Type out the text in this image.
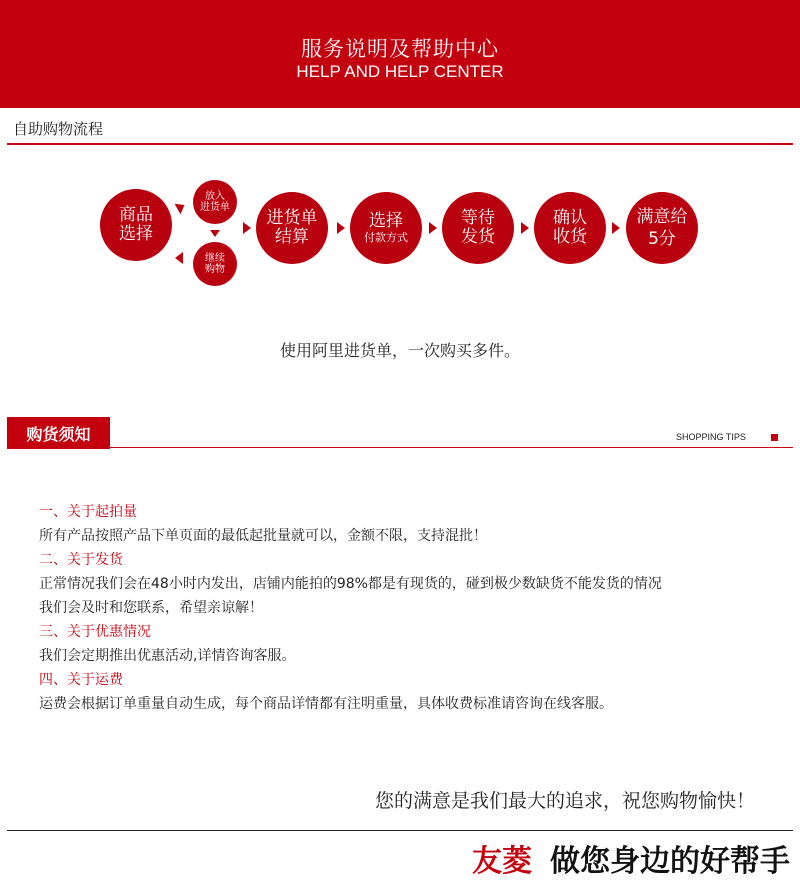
服务说明及帮助中心
HELP AND HELP CENTER
自助购物流程
商品
选择
放入
进货单
继续
购物
进货单
结算
选择
付款方式
等待
发货
确认
收货
满意给
5分
使用阿里进货单，一次购买多件。
购货须知	SHOPPING TIPS
一、关于起拍量
所有产品按照产品下单页面的最低起批量就可以，金额不限，支持混批！
二、关于发货
正常情况我们会在48小时内发出，店铺内能拍的98%都是有现货的，碰到极少数缺货不能发货的情况
我们会及时和您联系，希望亲谅解！
三、关于优惠情况
我们会定期推出优惠活动,详情咨询客服。
四、关于运费
运费会根据订单重量自动生成，每个商品详情都有注明重量，具体收费标准请咨询在线客服。
您的满意是我们最大的追求，祝您购物愉快！
友菱 做您身边的好帮手
